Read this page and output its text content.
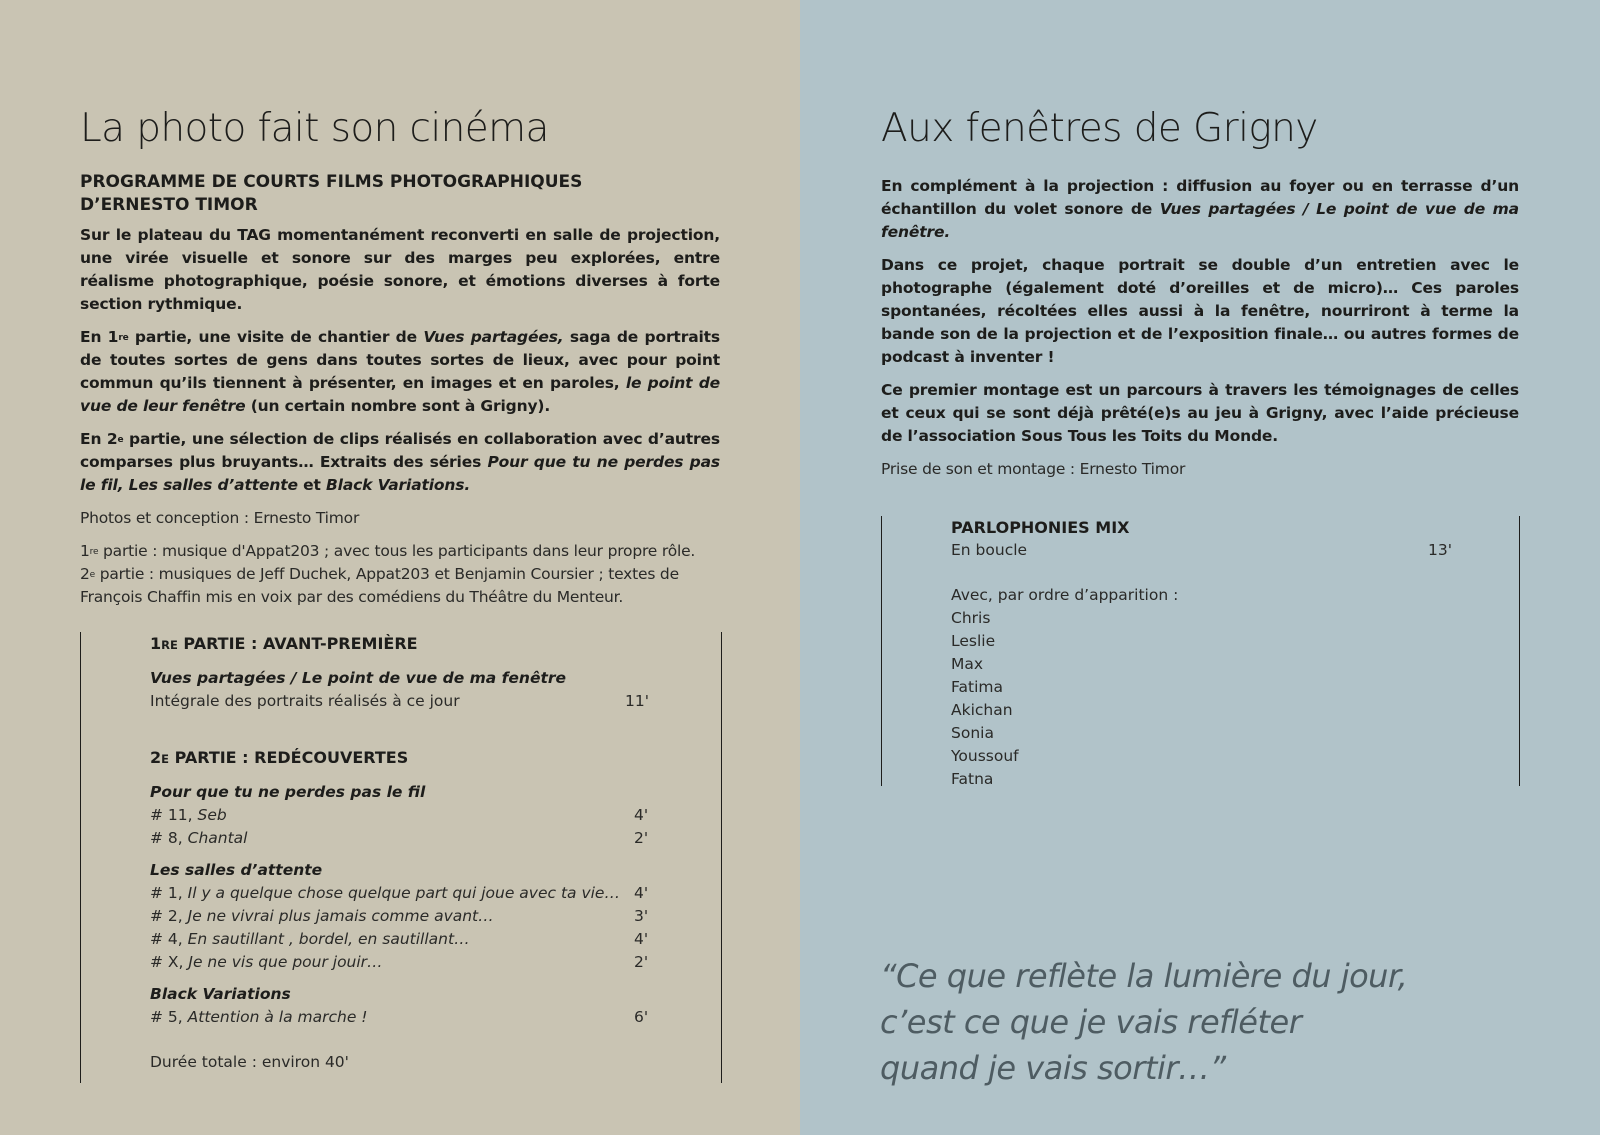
La photo fait son cinéma

PROGRAMME DE COURTS FILMS PHOTOGRAPHIQUES
D’ERNESTO TIMOR

Sur le plateau du TAG momentanément reconverti en salle de projection, une virée visuelle et sonore sur des marges peu explorées, entre réalisme photographique, poésie sonore, et émotions diverses à forte section rythmique.

En 1re partie, une visite de chantier de Vues partagées, saga de portraits de toutes sortes de gens dans toutes sortes de lieux, avec pour point commun qu’ils tiennent à présenter, en images et en paroles, le point de vue de leur fenêtre (un certain nombre sont à Grigny).

En 2e partie, une sélection de clips réalisés en collaboration avec d’autres comparses plus bruyants… Extraits des séries Pour que tu ne perdes pas le fil, Les salles d’attente et Black Variations.

Photos et conception : Ernesto Timor

1re partie : musique d'Appat203 ; avec tous les participants dans leur propre rôle.

2e partie : musiques de Jeff Duchek, Appat203 et Benjamin Coursier ; textes de François Chaffin mis en voix par des comédiens du Théâtre du Menteur.

1RE PARTIE : AVANT-PREMIÈRE

Vues partagées / Le point de vue de ma fenêtre

Intégrale des portraits réalisés à ce jour	11'

2E PARTIE : REDÉCOUVERTES

Pour que tu ne perdes pas le fil

# 11, Seb	4'

# 8, Chantal	2'

Les salles d’attente

# 1, Il y a quelque chose quelque part qui joue avec ta vie… 4'

# 2, Je ne vivrai plus jamais comme avant…	3'

# 4, En sautillant , bordel, en sautillant…	4'

# X, Je ne vis que pour jouir…	2'

Black Variations

# 5, Attention à la marche !	6'

Durée totale : environ 40'

Aux fenêtres de Grigny

En complément à la projection : diffusion au foyer ou en terrasse d’un échantillon du volet sonore de Vues partagées / Le point de vue de ma fenêtre.

Dans ce projet, chaque portrait se double d’un entretien avec le photographe (également doté d’oreilles et de micro)… Ces paroles spontanées, récoltées elles aussi à la fenêtre, nourriront à terme la bande son de la projection et de l’exposition finale… ou autres formes de podcast à inventer !

Ce premier montage est un parcours à travers les témoignages de celles et ceux qui se sont déjà prêté(e)s au jeu à Grigny, avec l’aide précieuse de l’association Sous Tous les Toits du Monde.

Prise de son et montage : Ernesto Timor

PARLOPHONIES MIX

En boucle	13'

Avec, par ordre d’apparition :

Chris

Leslie

Max

Fatima

Akichan

Sonia

Youssouf

Fatna

“Ce que reflète la lumière du jour,
c’est ce que je vais refléter
quand je vais sortir…”
